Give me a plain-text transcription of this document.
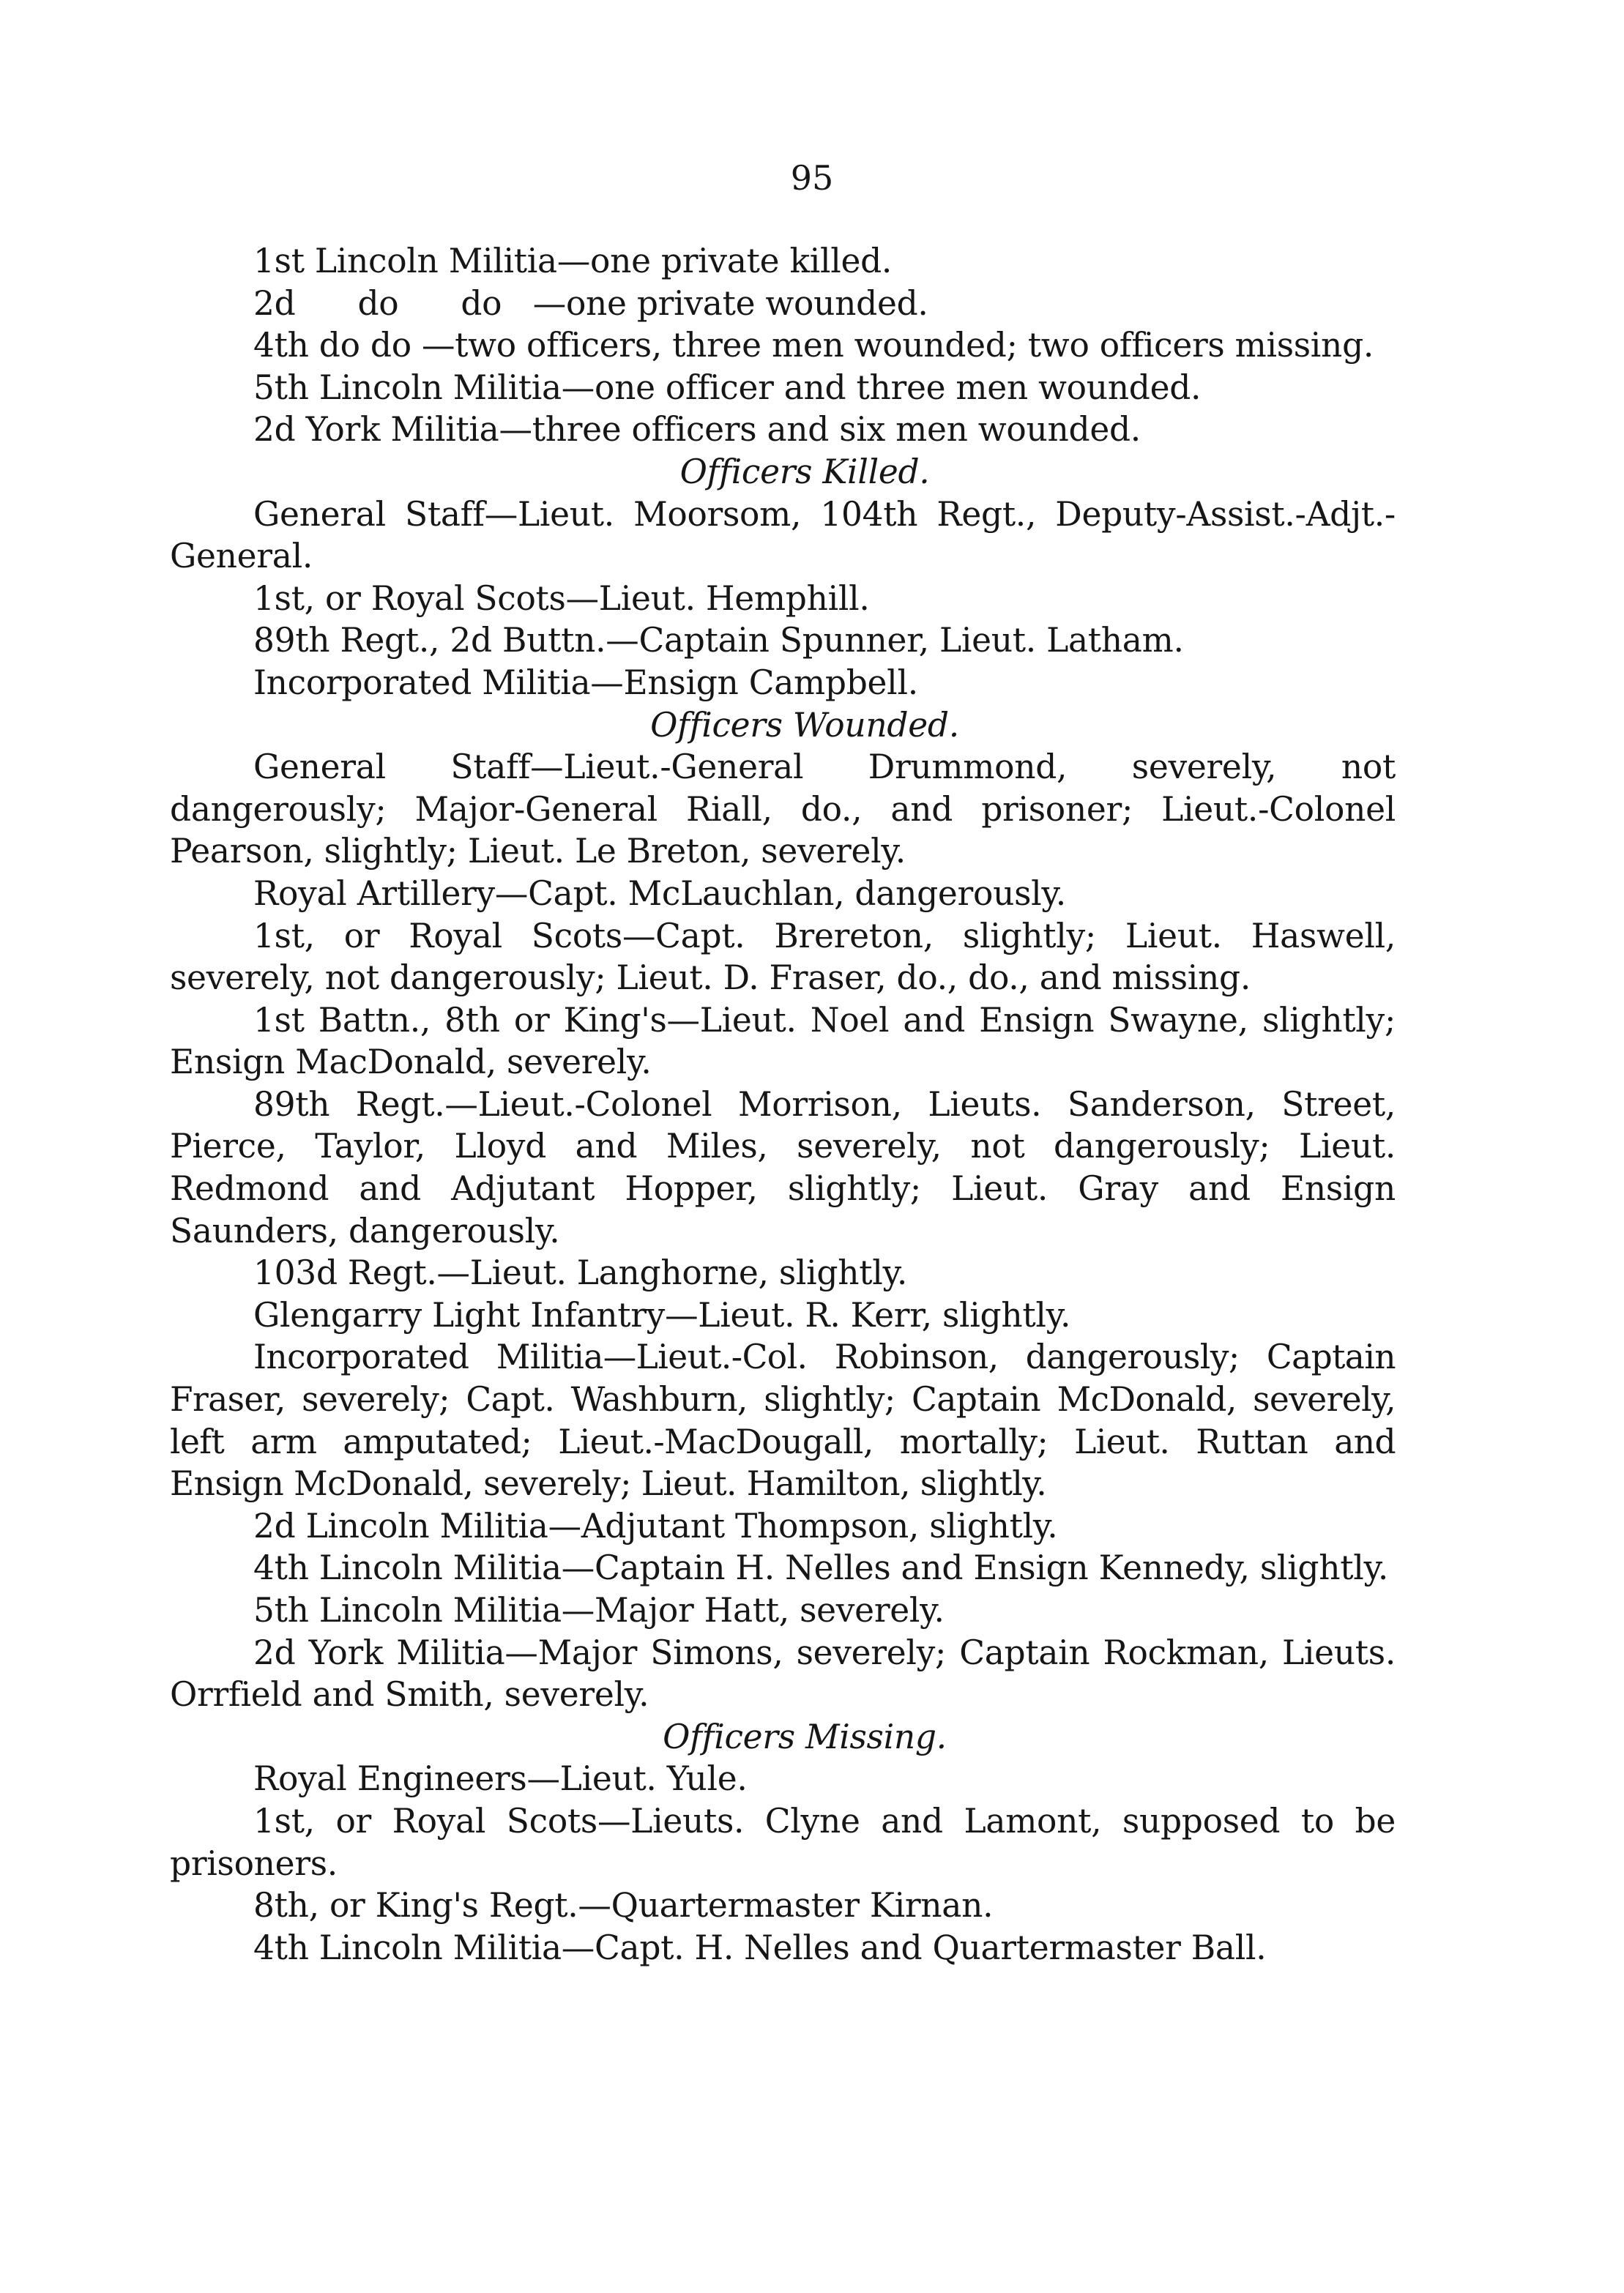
95

1st Lincoln Militia—one private killed.

2d      do      do   —one private wounded.

4th do do —two officers, three men wounded; two officers missing.

5th Lincoln Militia—one officer and three men wounded.

2d York Militia—three officers and six men wounded.

Officers Killed.

General Staff—Lieut. Moorsom, 104th Regt., Deputy-Assist.-Adjt.-General.

1st, or Royal Scots—Lieut. Hemphill.

89th Regt., 2d Buttn.—Captain Spunner, Lieut. Latham.

Incorporated Militia—Ensign Campbell.

Officers Wounded.

General Staff—Lieut.-General Drummond, severely, not dangerously; Major-General Riall, do., and prisoner; Lieut.-Colonel Pearson, slightly; Lieut. Le Breton, severely.

Royal Artillery—Capt. McLauchlan, dangerously.

1st, or Royal Scots—Capt. Brereton, slightly; Lieut. Haswell, severely, not dangerously; Lieut. D. Fraser, do., do., and missing.

1st Battn., 8th or King's—Lieut. Noel and Ensign Swayne, slightly; Ensign MacDonald, severely.

89th Regt.—Lieut.-Colonel Morrison, Lieuts. Sanderson, Street, Pierce, Taylor, Lloyd and Miles, severely, not dangerously; Lieut. Redmond and Adjutant Hopper, slightly; Lieut. Gray and Ensign Saunders, dangerously.

103d Regt.—Lieut. Langhorne, slightly.

Glengarry Light Infantry—Lieut. R. Kerr, slightly.

Incorporated Militia—Lieut.-Col. Robinson, dangerously; Captain Fraser, severely; Capt. Washburn, slightly; Captain McDonald, severely, left arm amputated; Lieut.-MacDougall, mortally; Lieut. Ruttan and Ensign McDonald, severely; Lieut. Hamilton, slightly.

2d Lincoln Militia—Adjutant Thompson, slightly.

4th Lincoln Militia—Captain H. Nelles and Ensign Kennedy, slightly.

5th Lincoln Militia—Major Hatt, severely.

2d York Militia—Major Simons, severely; Captain Rockman, Lieuts. Orrfield and Smith, severely.

Officers Missing.

Royal Engineers—Lieut. Yule.

1st, or Royal Scots—Lieuts. Clyne and Lamont, supposed to be prisoners.

8th, or King's Regt.—Quartermaster Kirnan.

4th Lincoln Militia—Capt. H. Nelles and Quartermaster Ball.
